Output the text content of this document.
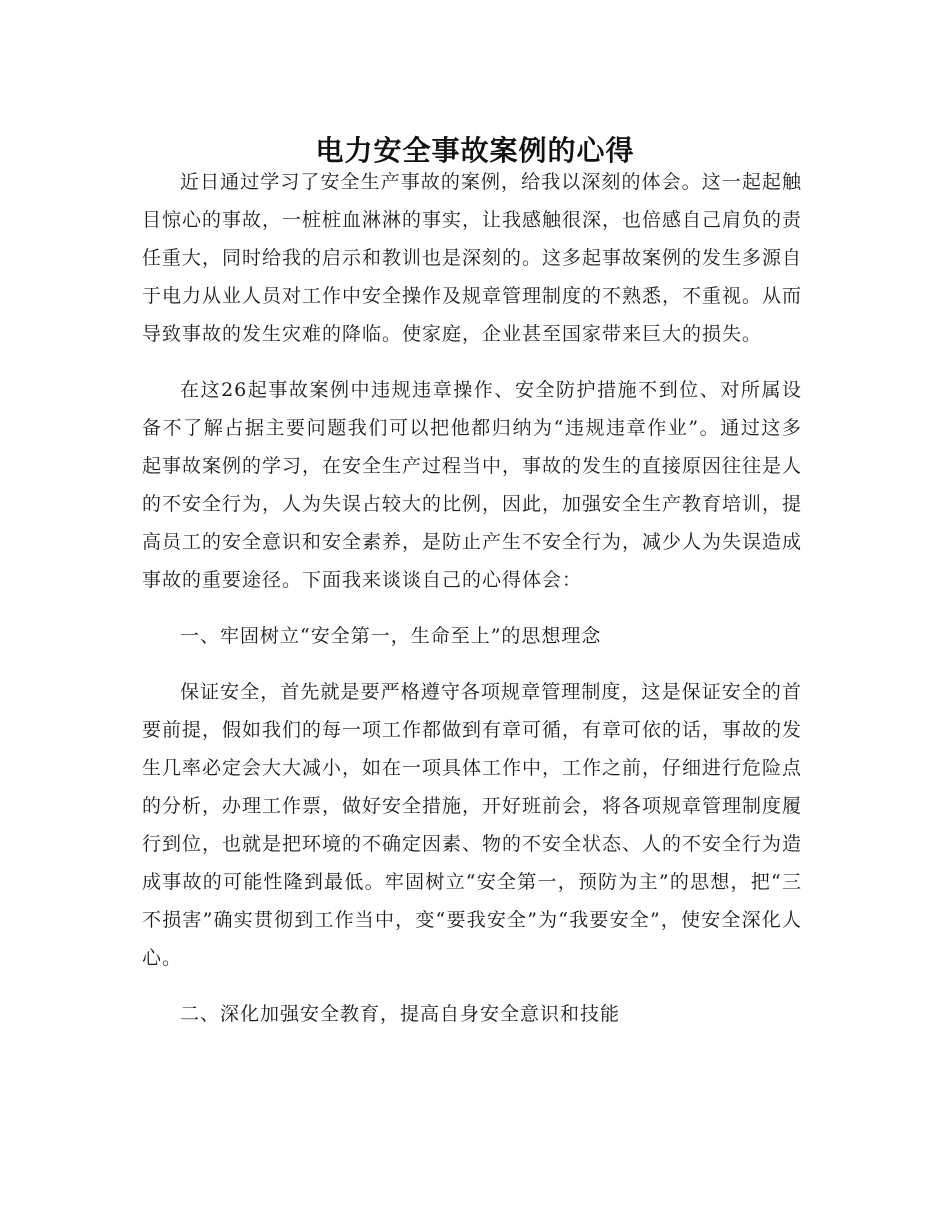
电力安全事故案例的心得

近日通过学习了安全生产事故的案例，给我以深刻的体会。这一起起触目惊心的事故，一桩桩血淋淋的事实，让我感触很深，也倍感自己肩负的责任重大，同时给我的启示和教训也是深刻的。这多起事故案例的发生多源自于电力从业人员对工作中安全操作及规章管理制度的不熟悉，不重视。从而导致事故的发生灾难的降临。使家庭，企业甚至国家带来巨大的损失。

在这26起事故案例中违规违章操作、安全防护措施不到位、对所属设备不了解占据主要问题我们可以把他都归纳为“违规违章作业”。通过这多起事故案例的学习，在安全生产过程当中，事故的发生的直接原因往往是人的不安全行为，人为失误占较大的比例，因此，加强安全生产教育培训，提高员工的安全意识和安全素养，是防止产生不安全行为，减少人为失误造成事故的重要途径。下面我来谈谈自己的心得体会：

一、牢固树立“安全第一，生命至上”的思想理念

保证安全，首先就是要严格遵守各项规章管理制度，这是保证安全的首要前提，假如我们的每一项工作都做到有章可循，有章可依的话，事故的发生几率必定会大大减小，如在一项具体工作中，工作之前，仔细进行危险点的分析，办理工作票，做好安全措施，开好班前会，将各项规章管理制度履行到位，也就是把环境的不确定因素、物的不安全状态、人的不安全行为造成事故的可能性隆到最低。牢固树立“安全第一，预防为主”的思想，把“三不损害”确实贯彻到工作当中，变“要我安全”为“我要安全”，使安全深化人心。

二、深化加强安全教育，提高自身安全意识和技能
